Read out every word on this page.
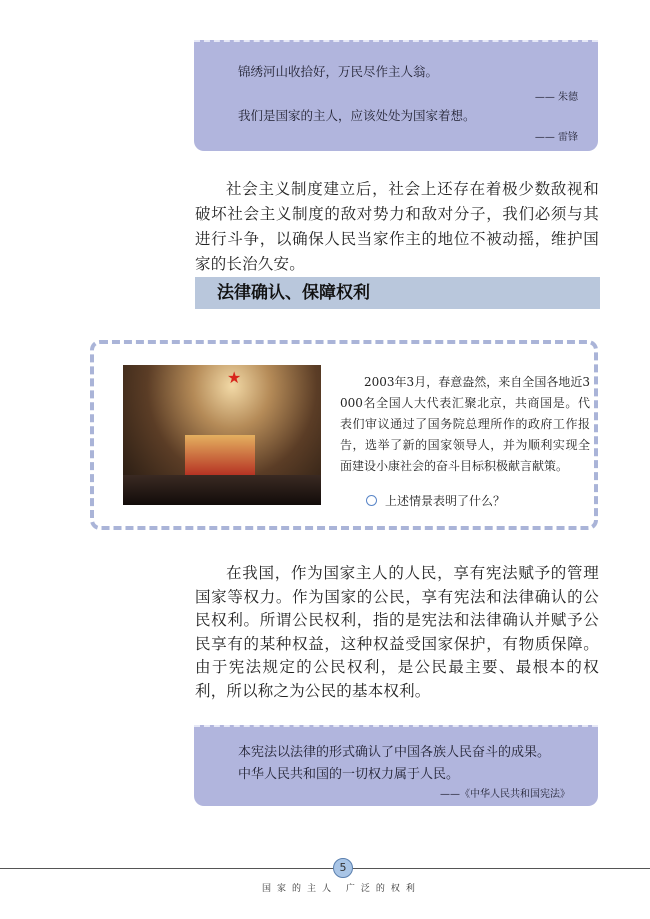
锦绣河山收拾好，万民尽作主人翁。
—— 朱德
我们是国家的主人，应该处处为国家着想。
—— 雷锋
社会主义制度建立后，社会上还存在着极少数敌视和破坏社会主义制度的敌对势力和敌对分子，我们必须与其进行斗争，以确保人民当家作主的地位不被动摇，维护国家的长治久安。
法律确认、保障权利
★	2003年3月，春意盎然，来自全国各地近3 000名全国人大代表汇聚北京，共商国是。代表们审议通过了国务院总理所作的政府工作报告，选举了新的国家领导人，并为顺利实现全面建设小康社会的奋斗目标积极献言献策。
上述情景表明了什么？
在我国，作为国家主人的人民，享有宪法赋予的管理国家等权力。作为国家的公民，享有宪法和法律确认的公民权利。所谓公民权利，指的是宪法和法律确认并赋予公民享有的某种权益，这种权益受国家保护，有物质保障。由于宪法规定的公民权利，是公民最主要、最根本的权利，所以称之为公民的基本权利。
本宪法以法律的形式确认了中国各族人民奋斗的成果。
中华人民共和国的一切权力属于人民。
——《中华人民共和国宪法》
5
国家的主人 广泛的权利
